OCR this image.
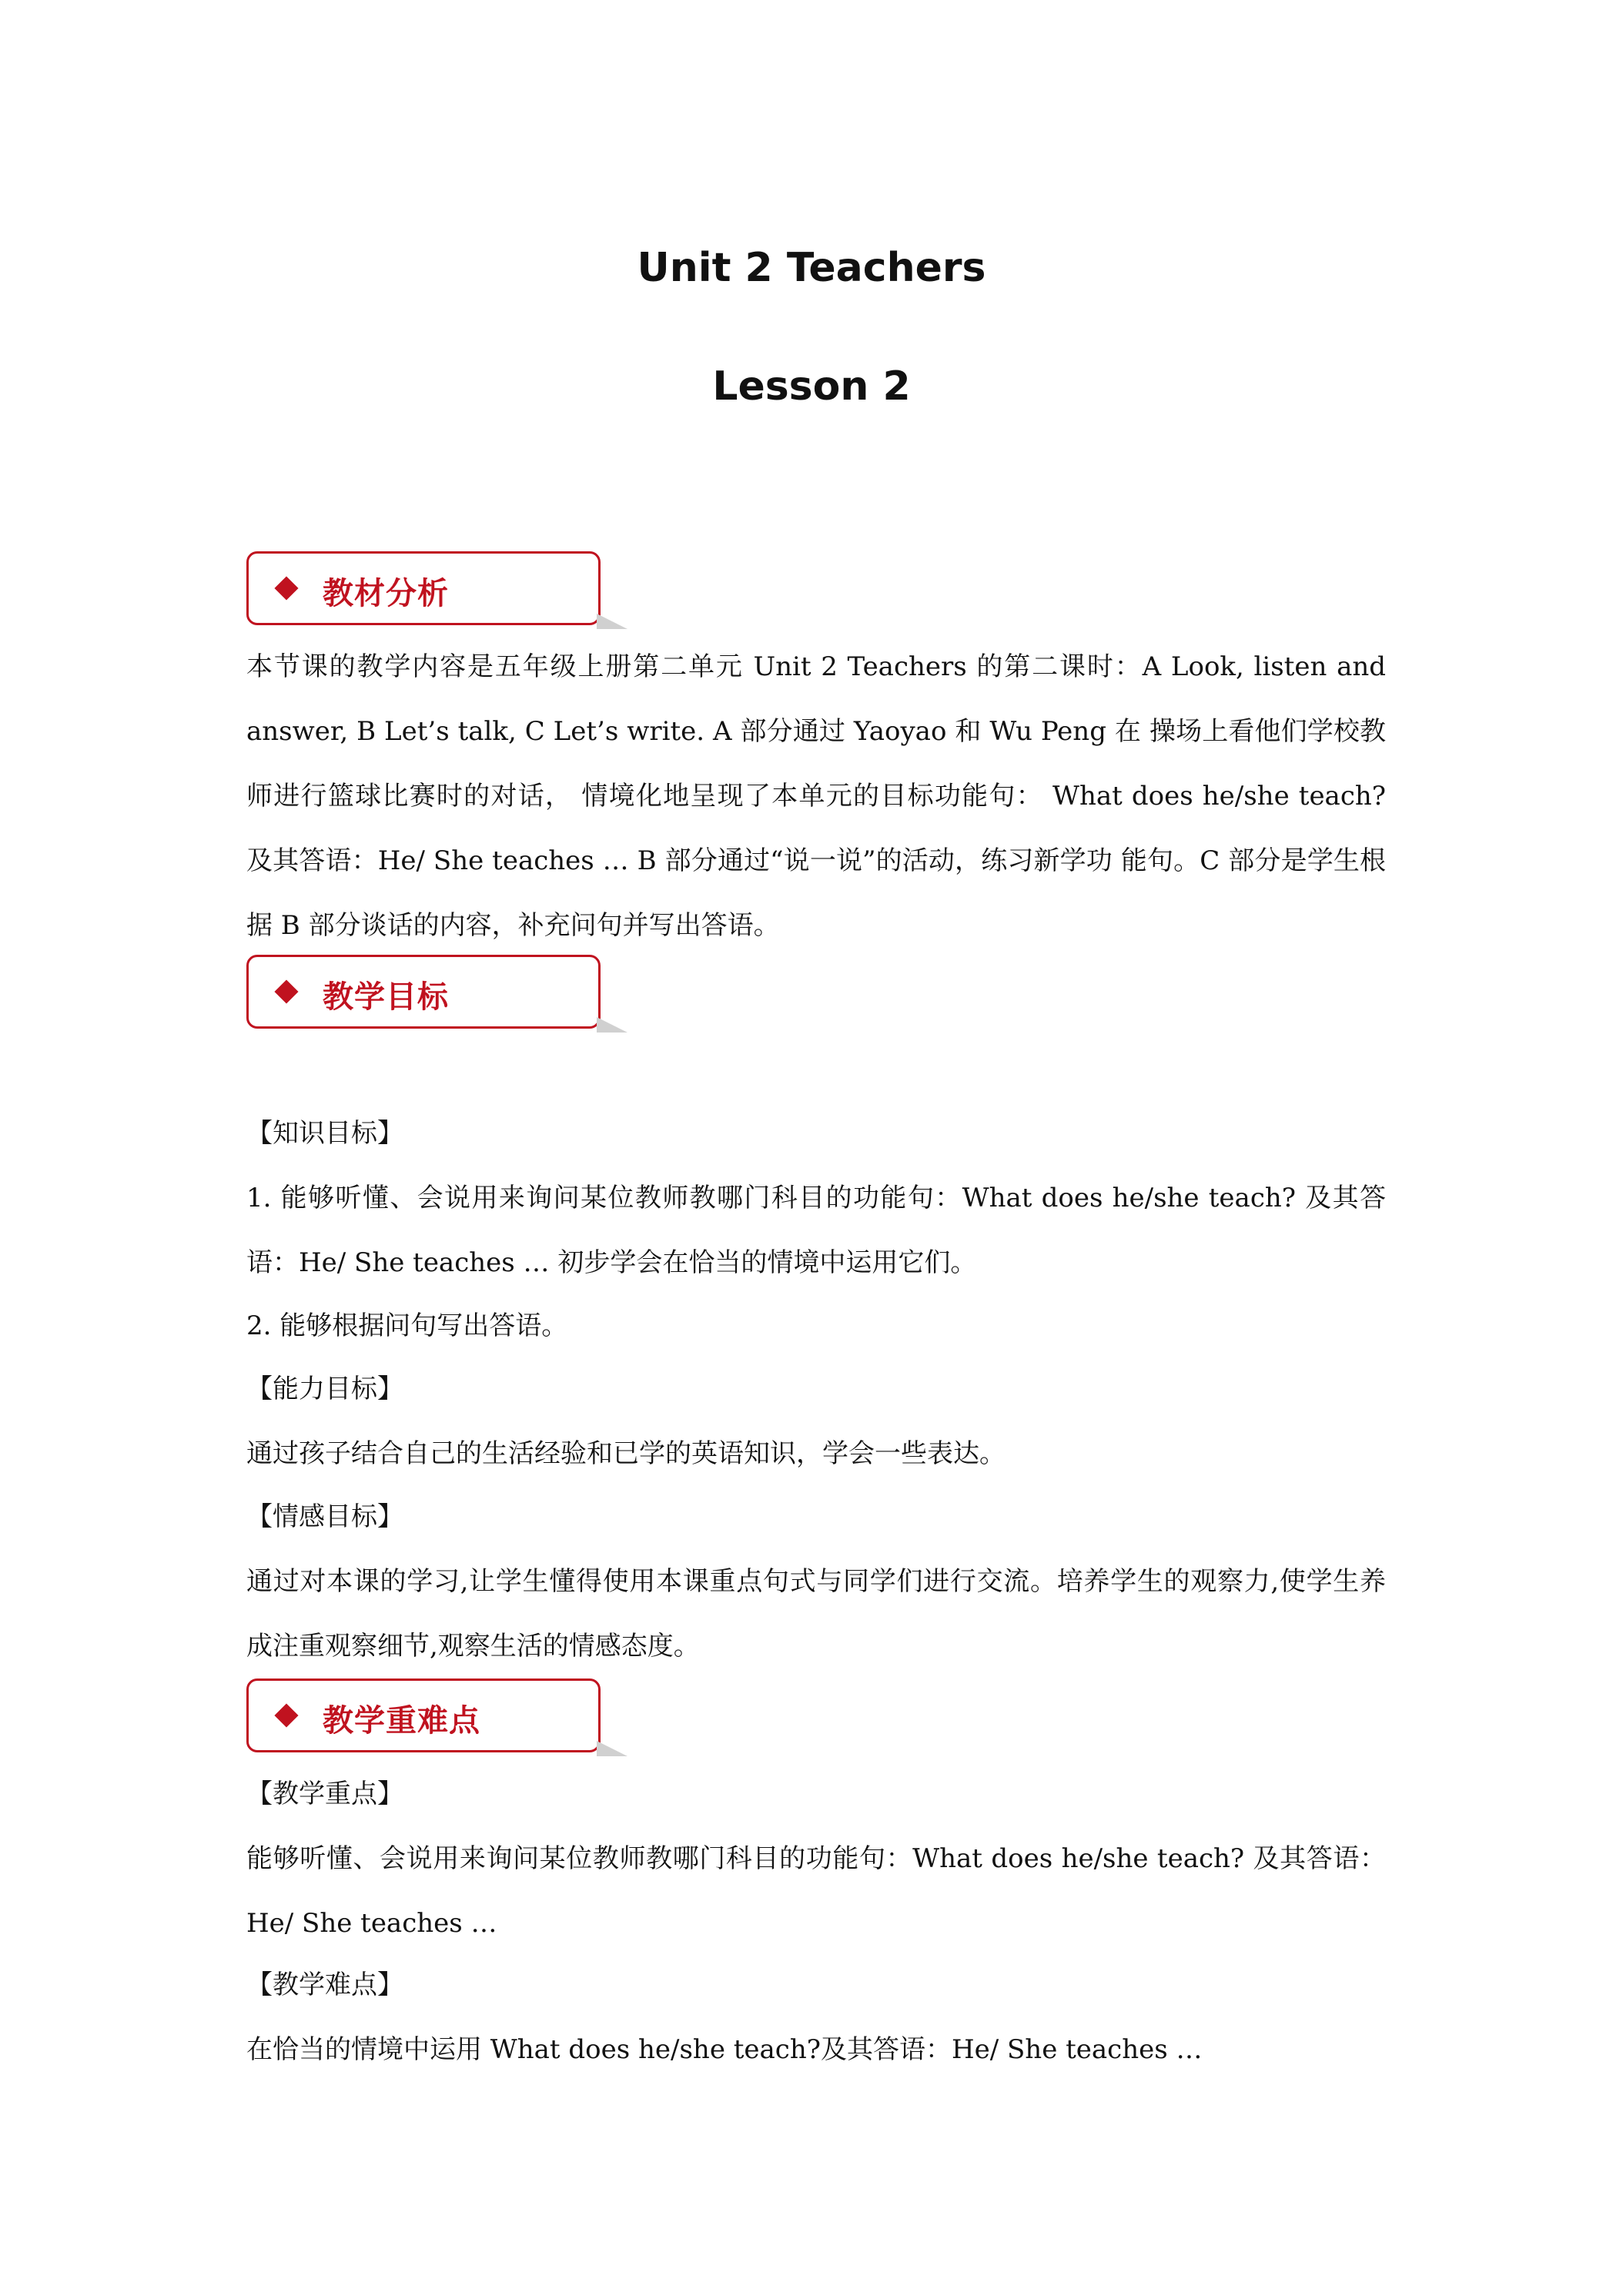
Unit 2 Teachers
Lesson 2
教材分析

本节课的教学内容是五年级上册第二单元 Unit 2 Teachers 的第二课时：A Look, listen and answer, B Let’s talk, C Let’s write. A 部分通过 Yaoyao 和 Wu Peng 在 操场上看他们学校教师进行篮球比赛时的对话， 情境化地呈现了本单元的目标功能句： What does he/she teach? 及其答语：He/ She teaches … B 部分通过“说一说”的活动，练习新学功 能句。C 部分是学生根据 B 部分谈话的内容，补充问句并写出答语。

教学目标

【知识目标】

1. 能够听懂、会说用来询问某位教师教哪门科目的功能句：What does he/she teach? 及其答语：He/ She teaches … 初步学会在恰当的情境中运用它们。

2. 能够根据问句写出答语。

【能力目标】

通过孩子结合自己的生活经验和已学的英语知识，学会一些表达。

【情感目标】

通过对本课的学习,让学生懂得使用本课重点句式与同学们进行交流。培养学生的观察力,使学生养成注重观察细节,观察生活的情感态度。

教学重难点

【教学重点】

能够听懂、会说用来询问某位教师教哪门科目的功能句：What does he/she teach? 及其答语：He/ She teaches …

【教学难点】

在恰当的情境中运用 What does he/she teach?及其答语：He/ She teaches …
